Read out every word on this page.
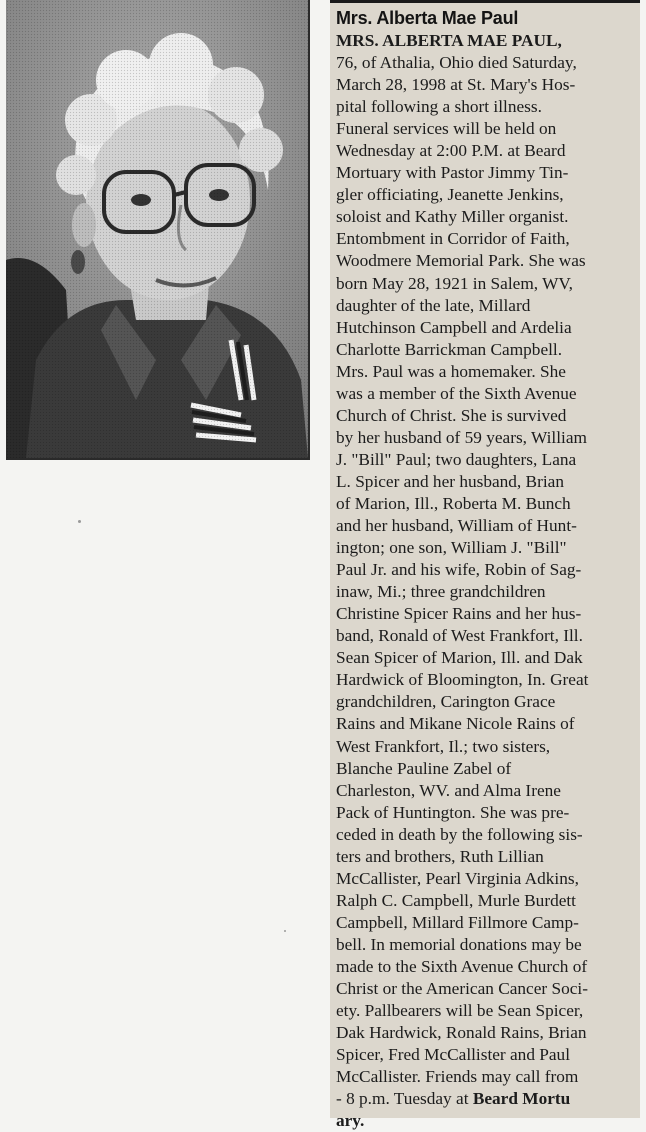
Mrs. Alberta Mae Paul
MRS. ALBERTA MAE PAUL,
76, of Athalia, Ohio died Saturday,
March 28, 1998 at St. Mary's Hos-
pital following a short illness.
Funeral services will be held on
Wednesday at 2:00 P.M. at Beard
Mortuary with Pastor Jimmy Tin-
gler officiating, Jeanette Jenkins,
soloist and Kathy Miller organist.
Entombment in Corridor of Faith,
Woodmere Memorial Park. She was
born May 28, 1921 in Salem, WV,
daughter of the late, Millard
Hutchinson Campbell and Ardelia
Charlotte Barrickman Campbell.
Mrs. Paul was a homemaker. She
was a member of the Sixth Avenue
Church of Christ. She is survived
by her husband of 59 years, William
J. "Bill" Paul; two daughters, Lana
L. Spicer and her husband, Brian
of Marion, Ill., Roberta M. Bunch
and her husband, William of Hunt-
ington; one son, William J. "Bill"
Paul Jr. and his wife, Robin of Sag-
inaw, Mi.; three grandchildren
Christine Spicer Rains and her hus-
band, Ronald of West Frankfort, Ill.
Sean Spicer of Marion, Ill. and Dak
Hardwick of Bloomington, In. Great
grandchildren, Carington Grace
Rains and Mikane Nicole Rains of
West Frankfort, Il.; two sisters,
Blanche Pauline Zabel of
Charleston, WV. and Alma Irene
Pack of Huntington. She was pre-
ceded in death by the following sis-
ters and brothers, Ruth Lillian
McCallister, Pearl Virginia Adkins,
Ralph C. Campbell, Murle Burdett
Campbell, Millard Fillmore Camp-
bell. In memorial donations may be
made to the Sixth Avenue Church of
Christ or the American Cancer Soci-
ety. Pallbearers will be Sean Spicer,
Dak Hardwick, Ronald Rains, Brian
Spicer, Fred McCallister and Paul
McCallister. Friends may call from
- 8 p.m. Tuesday at Beard Mortu
ary.
